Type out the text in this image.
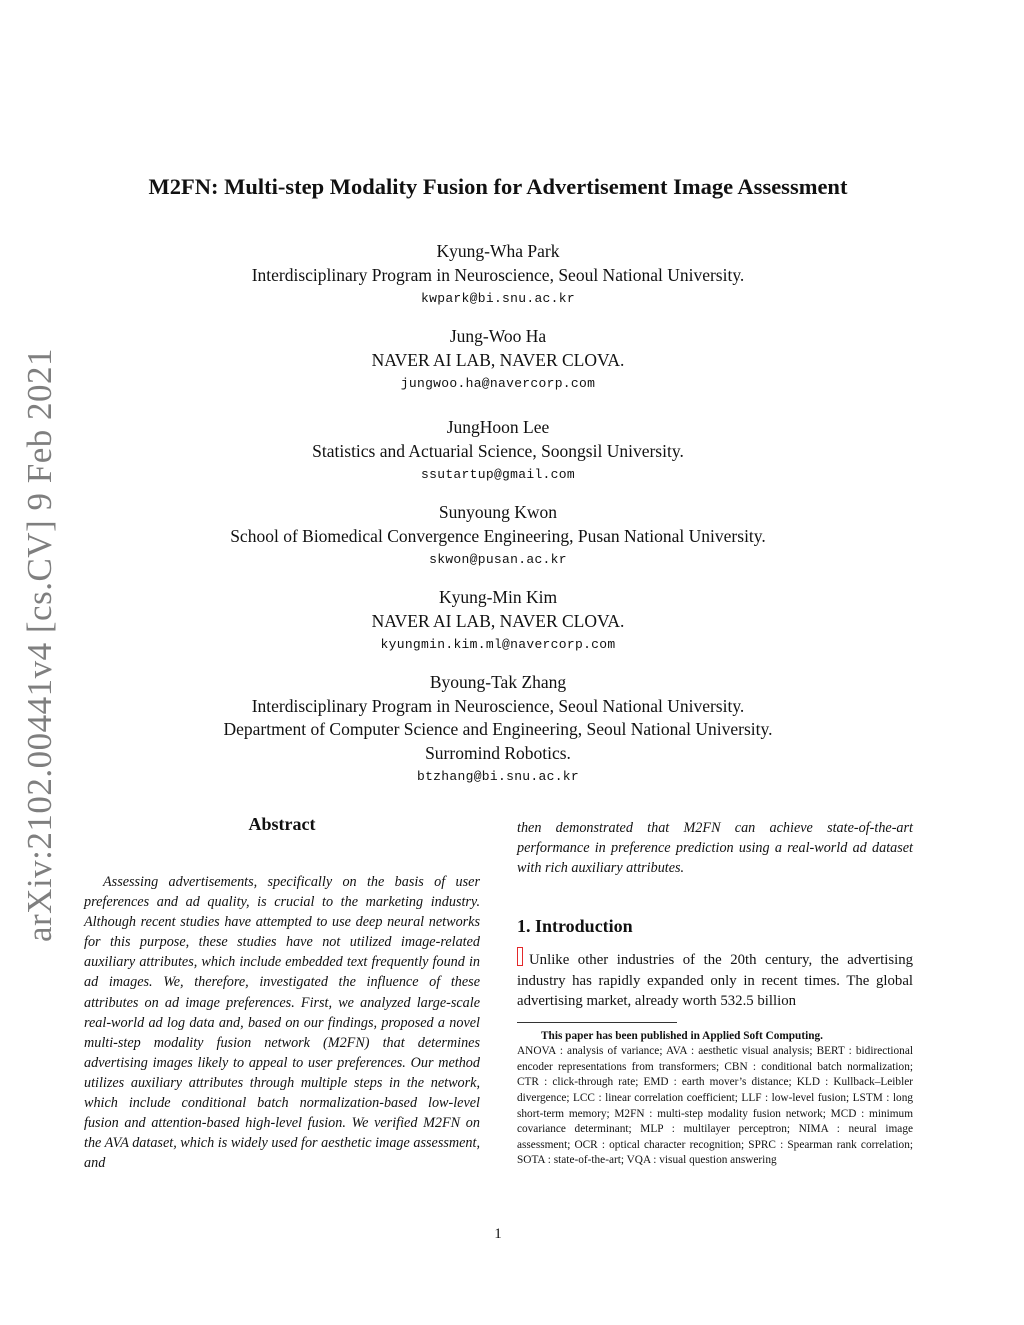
arXiv:2102.00441v4 [cs.CV] 9 Feb 2021
M2FN: Multi-step Modality Fusion for Advertisement Image Assessment
Kyung-Wha Park
Interdisciplinary Program in Neuroscience, Seoul National University.
kwpark@bi.snu.ac.kr
Jung-Woo Ha
NAVER AI LAB, NAVER CLOVA.
jungwoo.ha@navercorp.com
JungHoon Lee
Statistics and Actuarial Science, Soongsil University.
ssutartup@gmail.com
Sunyoung Kwon
School of Biomedical Convergence Engineering, Pusan National University.
skwon@pusan.ac.kr
Kyung-Min Kim
NAVER AI LAB, NAVER CLOVA.
kyungmin.kim.ml@navercorp.com
Byoung-Tak Zhang
Interdisciplinary Program in Neuroscience, Seoul National University.
Department of Computer Science and Engineering, Seoul National University.
Surromind Robotics.
btzhang@bi.snu.ac.kr
Abstract

Assessing advertisements, specifically on the basis of user preferences and ad quality, is crucial to the marketing industry. Although recent studies have attempted to use deep neural networks for this purpose, these studies have not utilized image-related auxiliary attributes, which include embedded text frequently found in ad images. We, therefore, investigated the influence of these attributes on ad image preferences. First, we analyzed large-scale real-world ad log data and, based on our findings, proposed a novel multi-step modality fusion network (M2FN) that determines advertising images likely to appeal to user preferences. Our method utilizes auxiliary attributes through multiple steps in the network, which include conditional batch normalization-based low-level fusion and attention-based high-level fusion. We verified M2FN on the AVA dataset, which is widely used for aesthetic image assessment, and

then demonstrated that M2FN can achieve state-of-the-art performance in preference prediction using a real-world ad dataset with rich auxiliary attributes.

1. Introduction

Unlike other industries of the 20th century, the advertising industry has rapidly expanded only in recent times. The global advertising market, already worth 532.5 billion

This paper has been published in Applied Soft Computing.

ANOVA : analysis of variance; AVA : aesthetic visual analysis; BERT : bidirectional encoder representations from transformers; CBN : conditional batch normalization; CTR : click-through rate; EMD : earth mover’s distance; KLD : Kullback–Leibler divergence; LCC : linear correlation coefficient; LLF : low-level fusion; LSTM : long short-term memory; M2FN : multi-step modality fusion network; MCD : minimum covariance determinant; MLP : multilayer perceptron; NIMA : neural image assessment; OCR : optical character recognition; SPRC : Spearman rank correlation; SOTA : state-of-the-art; VQA : visual question answering

1
